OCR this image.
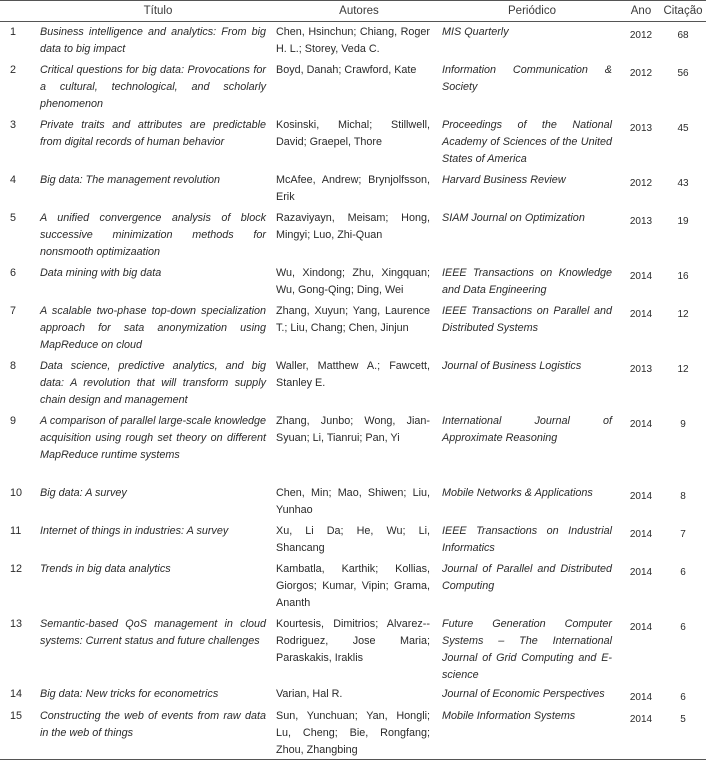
	Título	Autores	Periódico	Ano	Citação
1	Business intelligence and analytics: From big data to big impact	Chen, Hsinchun; Chiang, Roger H. L.; Storey, Veda C.	MIS Quarterly	2012	68
2	Critical questions for big data: Provocations for a cultural, technological, and scholarly phenomenon	Boyd, Danah; Crawford, Kate	Information Communication & Society	2012	56
3	Private traits and attributes are predictable from digital records of human behavior	Kosinski, Michal; Stillwell, David; Graepel, Thore	Proceedings of the National Academy of Sciences of the United States of America	2013	45
4	Big data: The management revolution	McAfee, Andrew; Brynjolfsson, Erik	Harvard Business Review	2012	43
5	A unified convergence analysis of block successive minimization methods for nonsmooth optimizaation	Razaviyayn, Meisam; Hong, Mingyi; Luo, Zhi-Quan	SIAM Journal on Optimization	2013	19
6	Data mining with big data	Wu, Xindong; Zhu, Xingquan; Wu, Gong-Qing; Ding, Wei	IEEE Transactions on Knowledge and Data Engineering	2014	16
7	A scalable two-phase top-down specialization approach for sata anonymization using MapReduce on cloud	Zhang, Xuyun; Yang, Laurence T.; Liu, Chang; Chen, Jinjun	IEEE Transactions on Parallel and Distributed Systems	2014	12
8	Data science, predictive analytics, and big data: A revolution that will transform supply chain design and management	Waller, Matthew A.; Fawcett, Stanley E.	Journal of Business Logistics	2013	12
9	A comparison of parallel large-scale knowledge acquisition using rough set theory on different MapReduce runtime systems	Zhang, Junbo; Wong, Jian-Syuan; Li, Tianrui; Pan, Yi	International Journal of Approximate Reasoning	2014	9
10	Big data: A survey	Chen, Min; Mao, Shiwen; Liu, Yunhao	Mobile Networks & Applications	2014	8
11	Internet of things in industries: A survey	Xu, Li Da; He, Wu; Li, Shancang	IEEE Transactions on Industrial Informatics	2014	7
12	Trends in big data analytics	Kambatla, Karthik; Kollias, Giorgos; Kumar, Vipin; Grama, Ananth	Journal of Parallel and Distributed Computing	2014	6
13	Semantic-based QoS management in cloud systems: Current status and future challenges	Kourtesis, Dimitrios; Alvarez--Rodriguez, Jose Maria; Paraskakis, Iraklis	Future Generation Computer Systems – The International Journal of Grid Computing and E-science	2014	6
14	Big data: New tricks for econometrics	Varian, Hal R.	Journal of Economic Perspectives	2014	6
15	Constructing the web of events from raw data in the web of things	Sun, Yunchuan; Yan, Hongli; Lu, Cheng; Bie, Rongfang; Zhou, Zhangbing	Mobile Information Systems	2014	5
